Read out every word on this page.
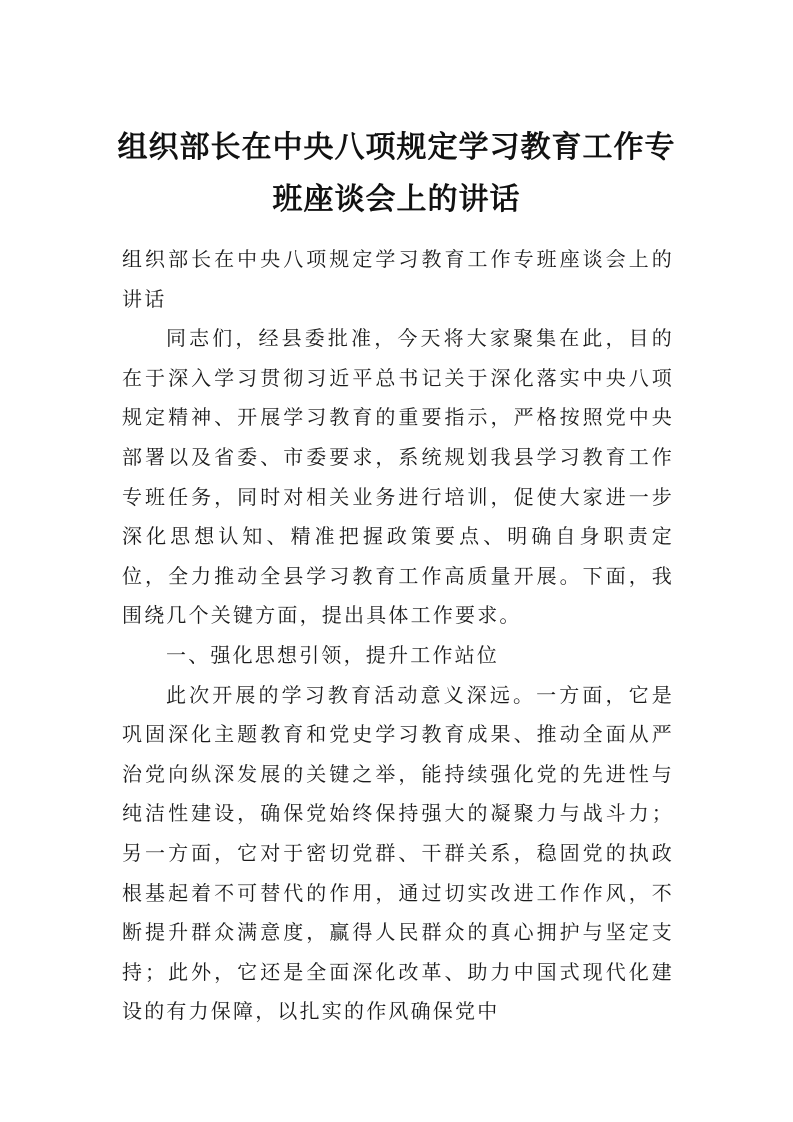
组织部长在中央八项规定学习教育工作专
班座谈会上的讲话

组织部长在中央八项规定学习教育工作专班座谈会上的讲话

同志们，经县委批准，今天将大家聚集在此，目的在于深入学习贯彻习近平总书记关于深化落实中央八项规定精神、开展学习教育的重要指示，严格按照党中央部署以及省委、市委要求，系统规划我县学习教育工作专班任务，同时对相关业务进行培训，促使大家进一步深化思想认知、精准把握政策要点、明确自身职责定位，全力推动全县学习教育工作高质量开展。下面，我围绕几个关键方面，提出具体工作要求。

一、强化思想引领，提升工作站位

此次开展的学习教育活动意义深远。一方面，它是巩固深化主题教育和党史学习教育成果、推动全面从严治党向纵深发展的关键之举，能持续强化党的先进性与纯洁性建设，确保党始终保持强大的凝聚力与战斗力；另一方面，它对于密切党群、干群关系，稳固党的执政根基起着不可替代的作用，通过切实改进工作作风，不断提升群众满意度，赢得人民群众的真心拥护与坚定支持；此外，它还是全面深化改革、助力中国式现代化建设的有力保障，以扎实的作风确保党中
